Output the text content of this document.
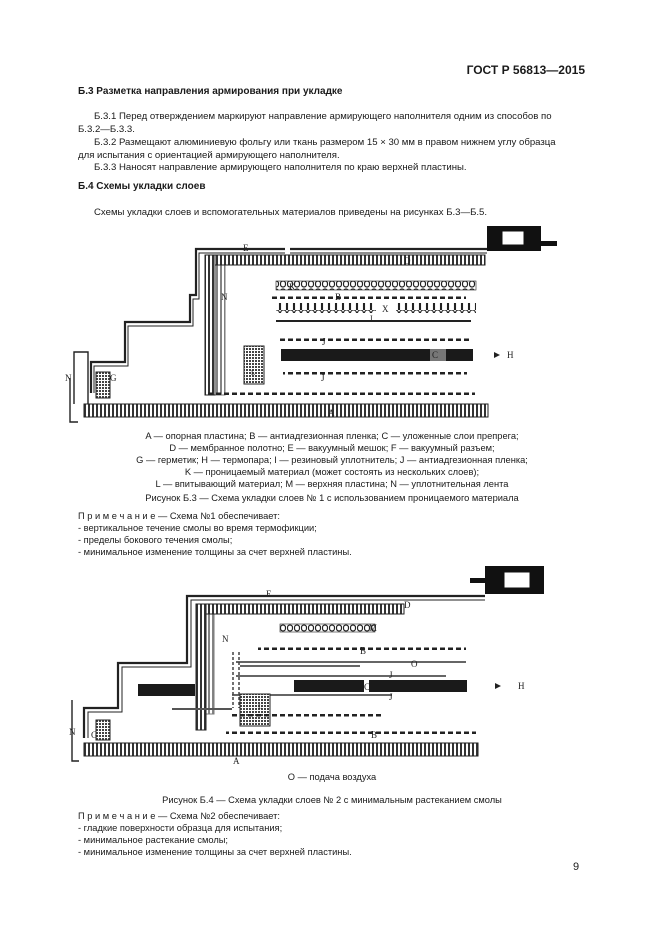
ГОСТ Р 56813—2015
Б.3 Разметка направления армирования при укладке
Б.3.1 Перед отверждением маркируют направление армирующего наполнителя одним из способов по
Б.3.2—Б.3.3.
Б.3.2 Размещают алюминиевую фольгу или ткань размером 15 × 30 мм в правом нижнем углу образца
для испытания с ориентацией армирующего наполнителя.
Б.3.3 Наносят направление армирующего наполнителя по краю верхней пластины.
Б.4 Схемы укладки слоев
Схемы укладки слоев и вспомогательных материалов приведены на рисунках Б.3—Б.5.
E
D
N	B
K
X
I
J
J
C	H
N	G	L
A
E
D
N
M
B
O
J
C
J
H
B
N G
L
A
A — опорная пластина; B — антиадгезионная пленка; C — уложенные слои препрега;
D — мембранное полотно; E — вакуумный мешок; F — вакуумный разъем;
G — герметик; H — термопара; I — резиновый уплотнитель; J — антиадгезионная пленка;
K — проницаемый материал (может состоять из нескольких слоев);
L — впитывающий материал; M — верхняя пластина; N — уплотнительная лента
Рисунок Б.3 — Схема укладки слоев № 1 с использованием проницаемого материала
П р и м е ч а н и е — Схема №1 обеспечивает:
- вертикальное течение смолы во время термофикции;
- пределы бокового течения смолы;
- минимальное изменение толщины за счет верхней пластины.
O — подача воздуха
Рисунок Б.4 — Схема укладки слоев № 2 с минимальным растеканием смолы
П р и м е ч а н и е — Схема №2 обеспечивает:
- гладкие поверхности образца для испытания;
- минимальное растекание смолы;
- минимальное изменение толщины за счет верхней пластины.
9
